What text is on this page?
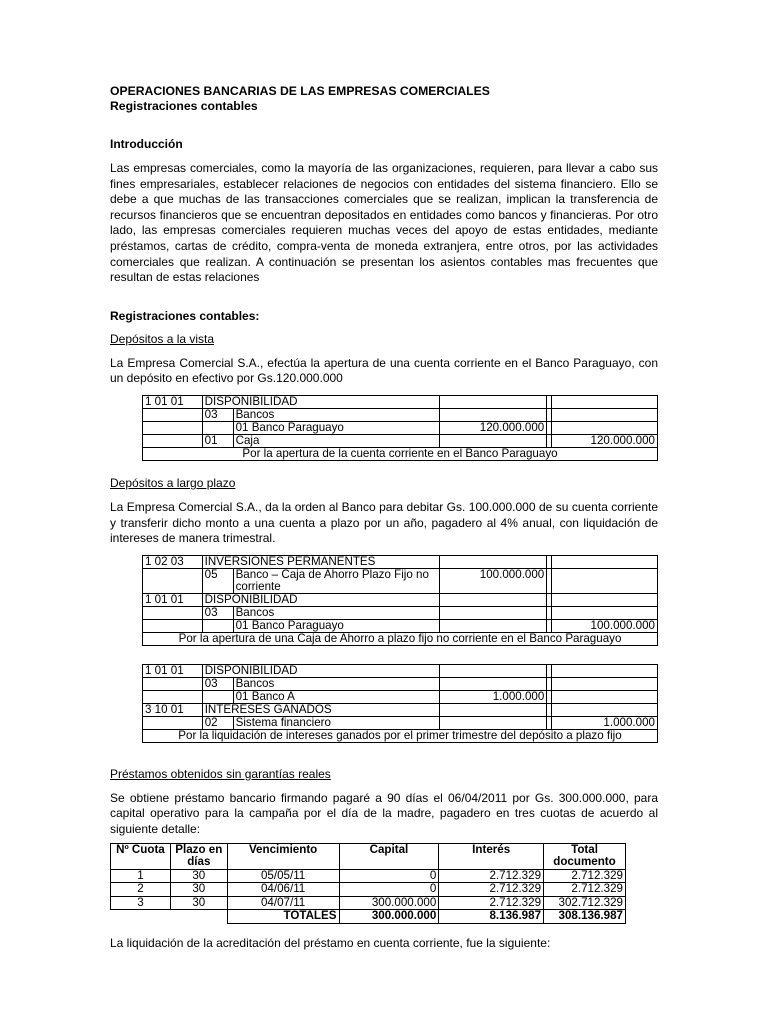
OPERACIONES BANCARIAS DE LAS EMPRESAS COMERCIALES
Registraciones contables
Introducción

Las empresas comerciales, como la mayoría de las organizaciones, requieren, para llevar a cabo sus fines empresariales, establecer relaciones de negocios con entidades del sistema financiero. Ello se debe a que muchas de las transacciones comerciales que se realizan, implican la transferencia de recursos financieros que se encuentran depositados en entidades como bancos y financieras. Por otro lado, las empresas comerciales requieren muchas veces del apoyo de estas entidades, mediante préstamos, cartas de crédito, compra-venta de moneda extranjera, entre otros, por las actividades comerciales que realizan. A continuación se presentan los asientos contables mas frecuentes que resultan de estas relaciones

Registraciones contables:
Depósitos a la vista

La Empresa Comercial S.A., efectúa la apertura de una cuenta corriente en el Banco Paraguayo, con un depósito en efectivo por Gs.120.000.000

1 01 01	DISPONIBILIDAD				
	03	Bancos			
		01 Banco Paraguayo	120.000.000		
	01	Caja			120.000.000
Por la apertura de la cuenta corriente en el Banco Paraguayo					
Depósitos a largo plazo

La Empresa Comercial S.A., da la orden al Banco para debitar Gs. 100.000.000 de su cuenta corriente y transferir dicho monto a una cuenta a plazo por un año, pagadero al 4% anual, con liquidación de intereses de manera trimestral.

1 02 03	INVERSIONES PERMANENTES				
	05	Banco – Caja de Ahorro Plazo Fijo no corriente	100.000.000		
1 01 01	DISPONIBILIDAD				
	03	Bancos			
		01 Banco Paraguayo			100.000.000
Por la apertura de una Caja de Ahorro a plazo fijo no corriente en el Banco Paraguayo					
1 01 01	DISPONIBILIDAD				
	03	Bancos			
		01 Banco A	1.000.000		
3 10 01	INTERESES GANADOS				
	02	Sistema financiero			1.000.000
Por la liquidación de intereses ganados por el primer trimestre del depósito a plazo fijo					
Préstamos obtenidos sin garantías reales

Se obtiene préstamo bancario firmando pagaré a 90 días el 06/04/2011 por Gs. 300.000.000, para capital operativo para la campaña por el día de la madre, pagadero en tres cuotas de acuerdo al siguiente detalle:

Nº Cuota	Plazo en días	Vencimiento	Capital	Interés	Total documento
1	30	05/05/11	0	2.712.329	2.712.329
2	30	04/06/11	0	2.712.329	2.712.329
3	30	04/07/11	300.000.000	2.712.329	302.712.329
		TOTALES	300.000.000	8.136.987	308.136.987

La liquidación de la acreditación del préstamo en cuenta corriente, fue la siguiente:
